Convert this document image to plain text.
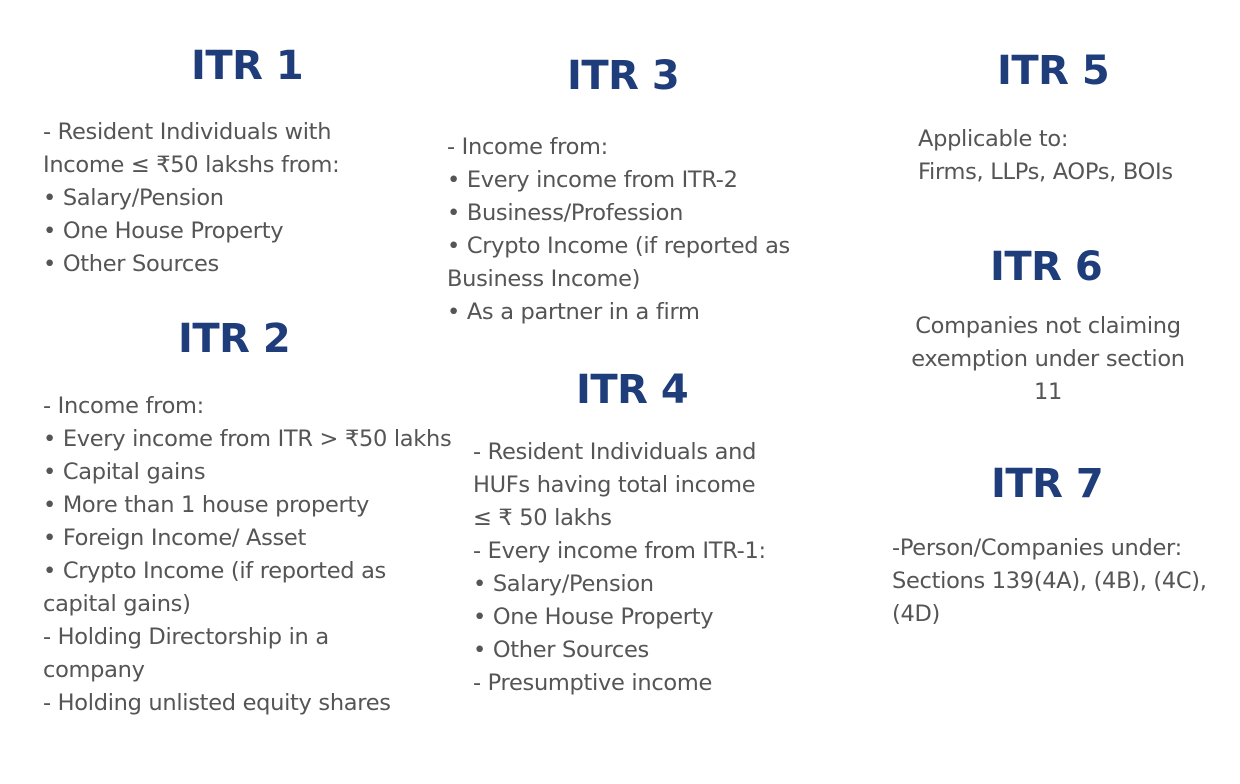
ITR 1
- Resident Individuals with
Income ≤ ₹50 lakshs from:
• Salary/Pension
• One House Property
• Other Sources
ITR 2
- Income from:
• Every income from ITR > ₹50 lakhs
• Capital gains
• More than 1 house property
• Foreign Income/ Asset
• Crypto Income (if reported as
capital gains)
- Holding Directorship in a
company
- Holding unlisted equity shares
ITR 3
- Income from:
• Every income from ITR-2
• Business/Profession
• Crypto Income (if reported as
Business Income)
• As a partner in a firm
ITR 4
- Resident Individuals and
HUFs having total income
≤ ₹ 50 lakhs
- Every income from ITR-1:
• Salary/Pension
• One House Property
• Other Sources
- Presumptive income
ITR 5
Applicable to:
Firms, LLPs, AOPs, BOIs
ITR 6
Companies not claiming
exemption under section
11
ITR 7
-Person/Companies under:
Sections 139(4A), (4B), (4C),
(4D)
